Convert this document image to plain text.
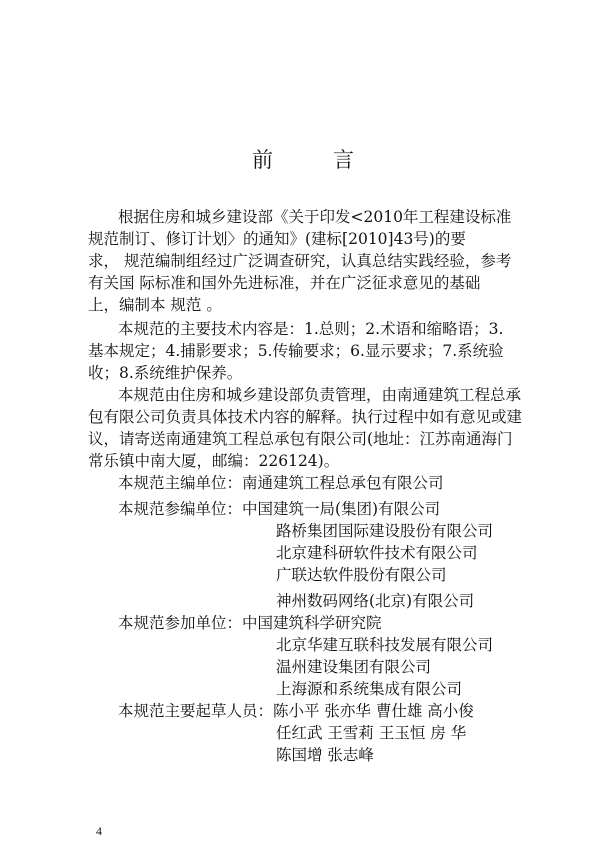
前	言
根据住房和城乡建设部《关于印发<2010年工程建设标准
规范制订、修订计划〉的通知》(建标[2010]43号)的要
求， 规范编制组经过广泛调查研究，认真总结实践经验，参考
有关国 际标准和国外先进标准，并在广泛征求意见的基础
上，编制本 规范 。
本规范的主要技术内容是：1.总则；2.术语和缩略语；3.
基本规定；4.捕影要求；5.传输要求；6.显示要求；7.系统验
收；8.系统维护保养。
本规范由住房和城乡建设部负责管理，由南通建筑工程总承
包有限公司负责具体技术内容的解释。执行过程中如有意见或建
议，请寄送南通建筑工程总承包有限公司(地址：江苏南通海门
常乐镇中南大厦，邮编：226124)。
本规范主编单位：南通建筑工程总承包有限公司
本规范参编单位：中国建筑一局(集团)有限公司
路桥集团国际建设股份有限公司
北京建科研软件技术有限公司
广联达软件股份有限公司
神州数码网络(北京)有限公司
本规范参加单位：中国建筑科学研究院
北京华建互联科技发展有限公司
温州建设集团有限公司
上海源和系统集成有限公司
本规范主要起草人员：陈小平 张亦华 曹仕雄 高小俊
任红武 王雪莉 王玉恒 房 华
陈国增 张志峰
4
